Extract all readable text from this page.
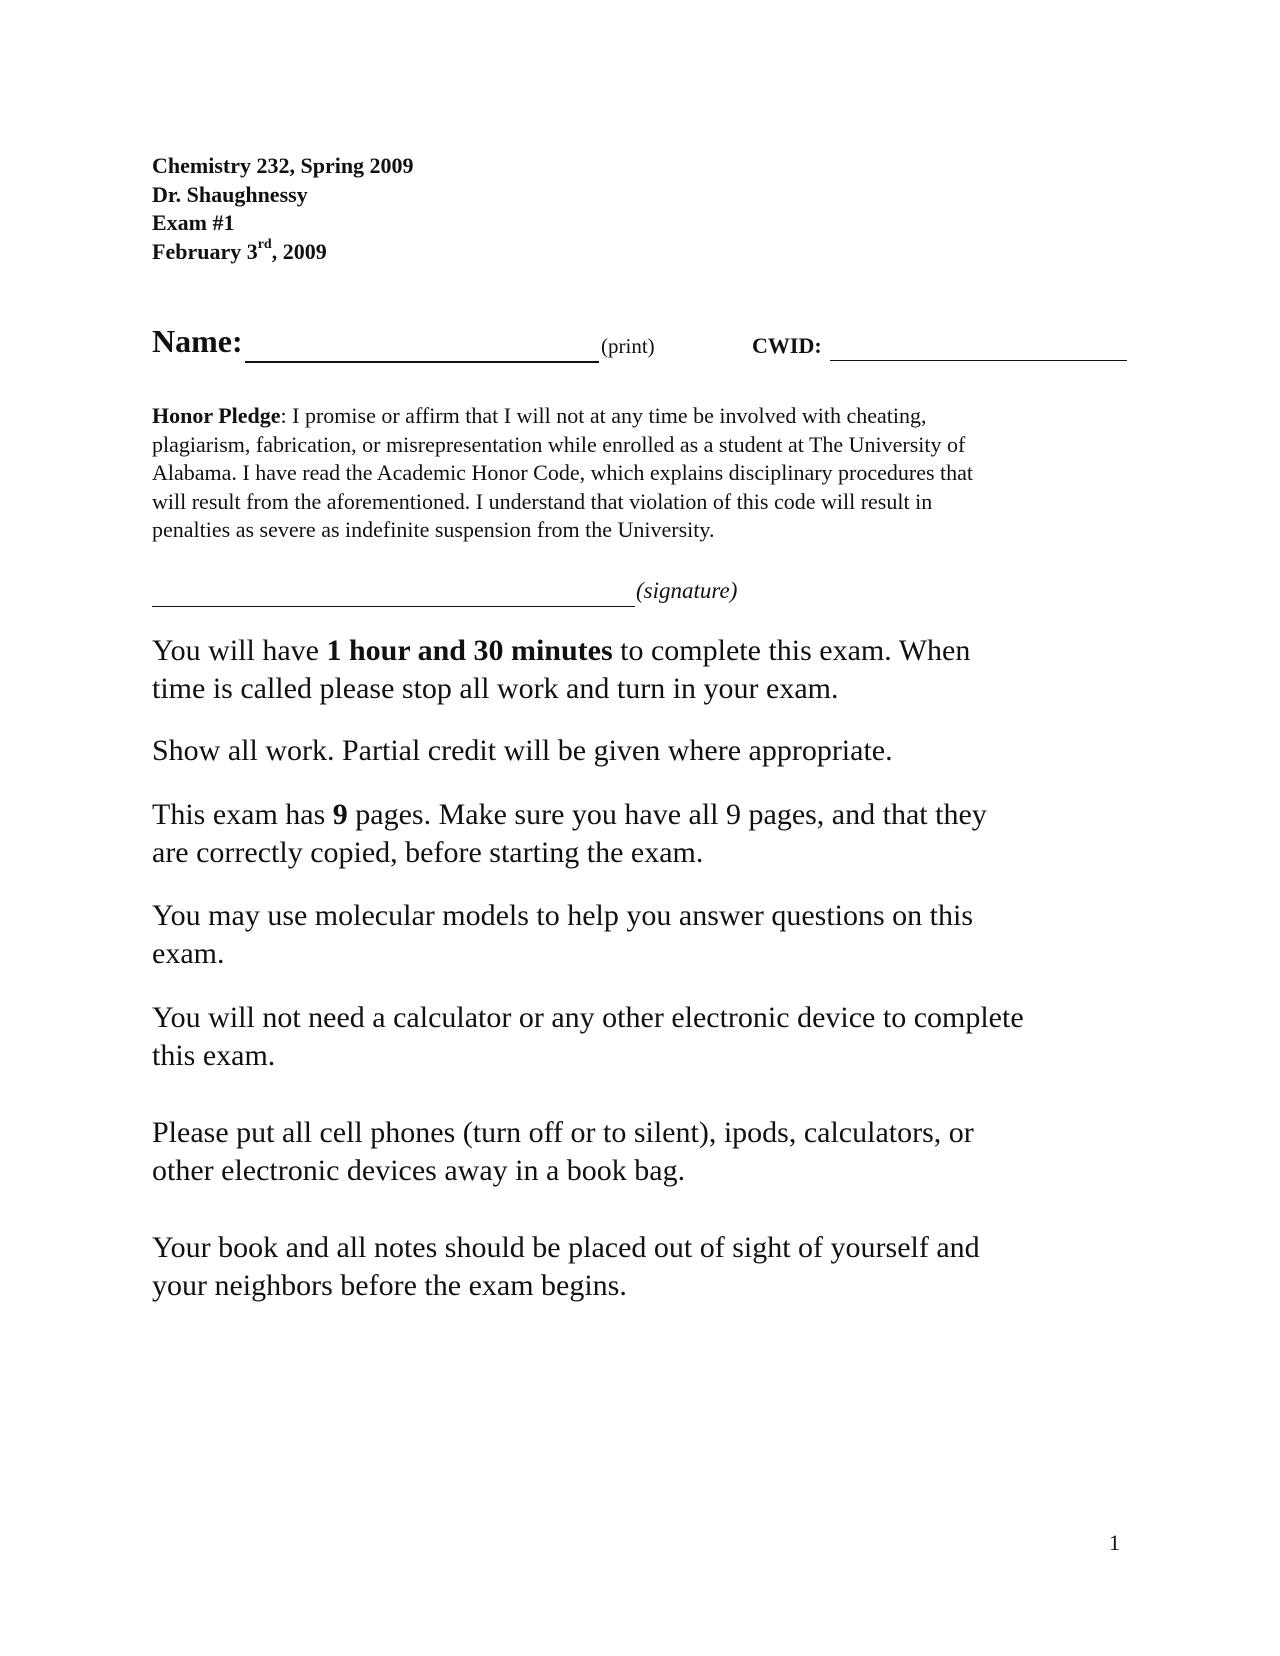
Chemistry 232, Spring 2009
Dr. Shaughnessy
Exam #1
February 3rd, 2009
Name:	(print)	CWID:
Honor Pledge: I promise or affirm that I will not at any time be involved with cheating,
plagiarism, fabrication, or misrepresentation while enrolled as a student at The University of
Alabama. I have read the Academic Honor Code, which explains disciplinary procedures that
will result from the aforementioned. I understand that violation of this code will result in
penalties as severe as indefinite suspension from the University.
(signature)
You will have 1 hour and 30 minutes to complete this exam. When
time is called please stop all work and turn in your exam.
Show all work. Partial credit will be given where appropriate.
This exam has 9 pages. Make sure you have all 9 pages, and that they
are correctly copied, before starting the exam.
You may use molecular models to help you answer questions on this
exam.
You will not need a calculator or any other electronic device to complete
this exam.
Please put all cell phones (turn off or to silent), ipods, calculators, or
other electronic devices away in a book bag.
Your book and all notes should be placed out of sight of yourself and
your neighbors before the exam begins.
1
